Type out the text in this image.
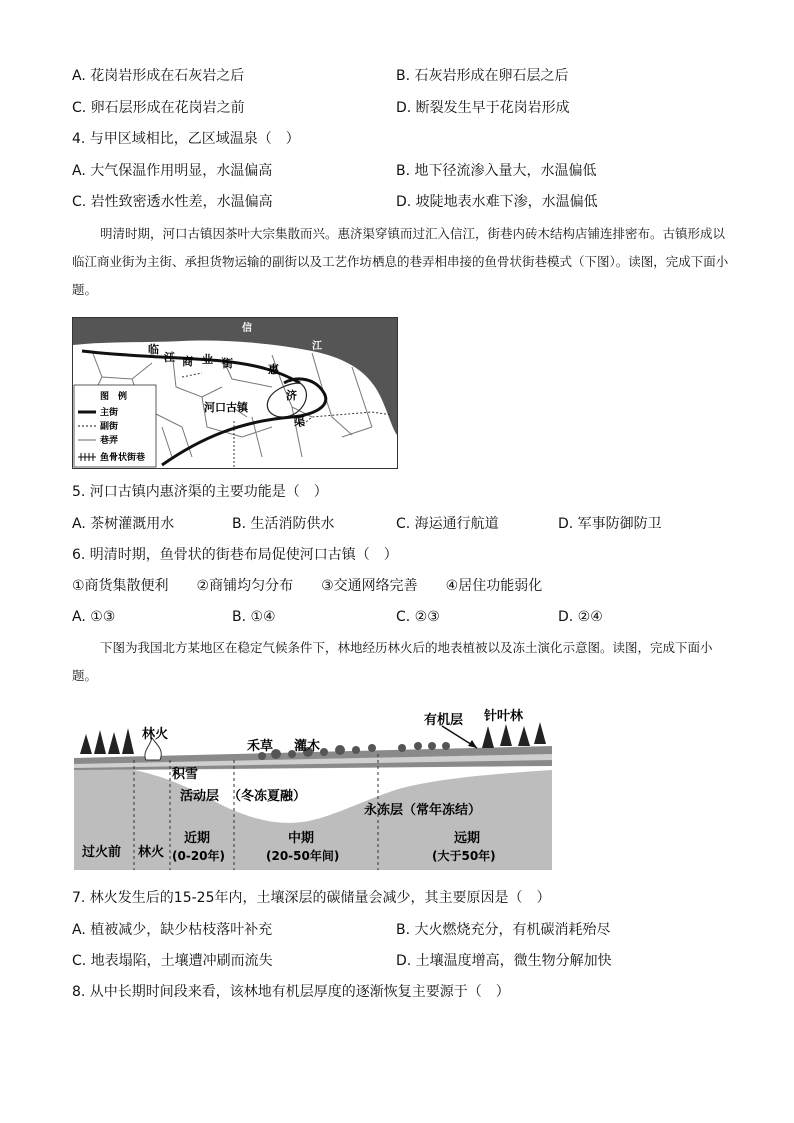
A. 花岗岩形成在石灰岩之后	B. 石灰岩形成在卵石层之后
C. 卵石层形成在花岗岩之前	D. 断裂发生早于花岗岩形成
4. 与甲区域相比，乙区域温泉（　）
A. 大气保温作用明显，水温偏高	B. 地下径流渗入量大，水温偏低
C. 岩性致密透水性差，水温偏高	D. 坡陡地表水难下渗，水温偏低
明清时期，河口古镇因茶叶大宗集散而兴。惠济渠穿镇而过汇入信江，街巷内砖木结构店铺连排密布。古镇形成以临江商业街为主街、承担货物运输的副街以及工艺作坊栖息的巷弄相串接的鱼骨状街巷模式（下图）。读图，完成下面小题。
信
江
临
江 商 业 街	惠
济
渠
河口古镇
图　例
主街
副街
巷弄
鱼骨状街巷
5. 河口古镇内惠济渠的主要功能是（　）
A. 茶树灌溉用水	B. 生活消防供水	C. 海运通行航道	D. 军事防御防卫
6. 明清时期，鱼骨状的街巷布局促使河口古镇（　）
①商货集散便利　　②商铺均匀分布　　③交通网络完善　　④居住功能弱化
A. ①③	B. ①④	C. ②③	D. ②④
下图为我国北方某地区在稳定气候条件下，林地经历林火后的地表植被以及冻土演化示意图。读图，完成下面小题。
林火
禾草 灌木
有机层 针叶林
积雪
活动层 （冬冻夏融）
永冻层（常年冻结）
过火前 林火
近期
(0-20年)
中期
(20-50年间)
远期
(大于50年)
7. 林火发生后的15-25年内，土壤深层的碳储量会减少，其主要原因是（　）
A. 植被减少，缺少枯枝落叶补充	B. 大火燃烧充分，有机碳消耗殆尽
C. 地表塌陷，土壤遭冲刷而流失	D. 土壤温度增高，微生物分解加快
8. 从中长期时间段来看，该林地有机层厚度的逐渐恢复主要源于（　）
